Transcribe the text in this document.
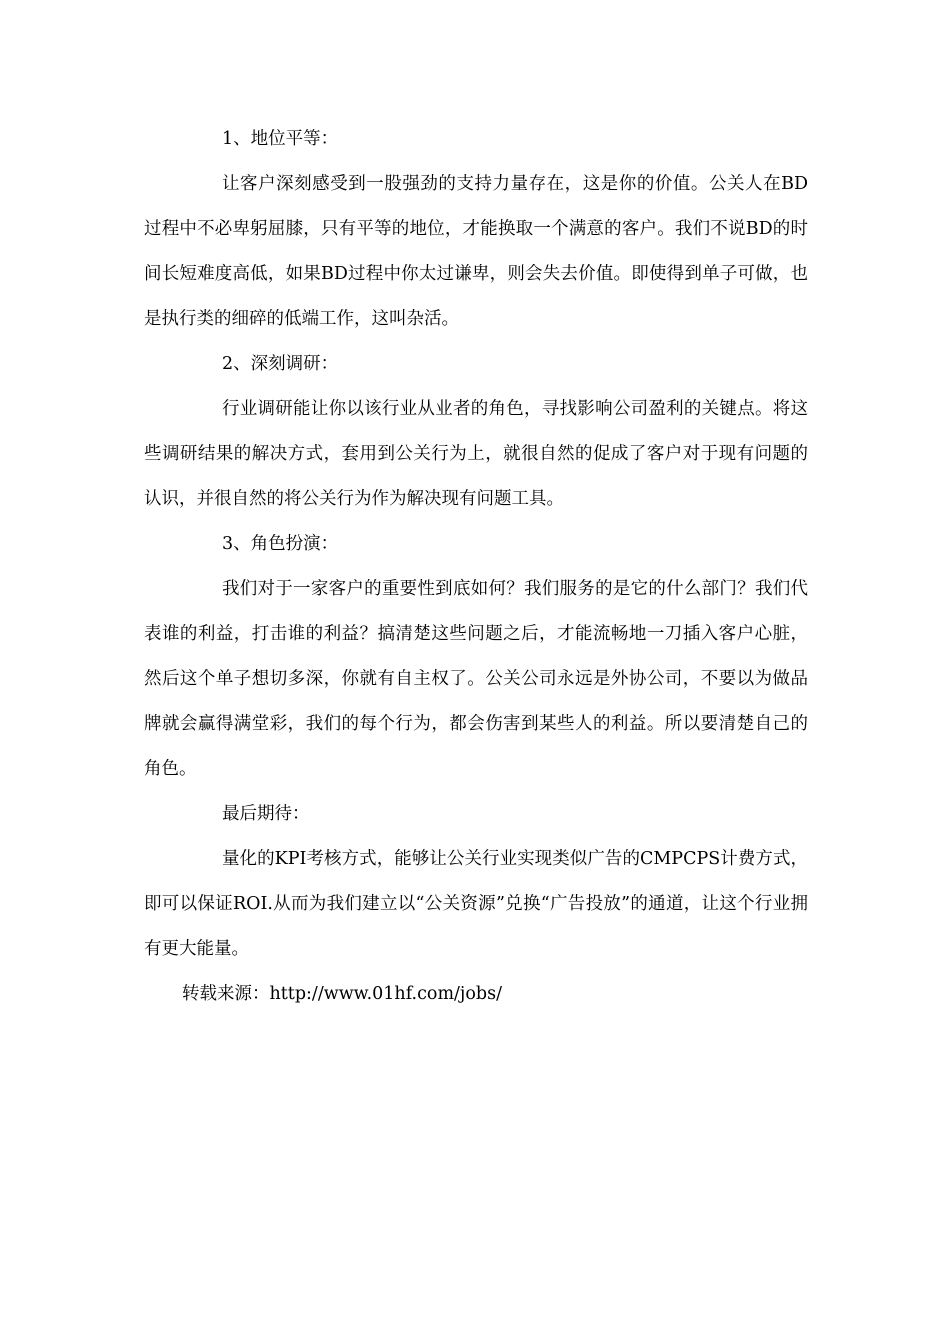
1、地位平等：

让客户深刻感受到一股强劲的支持力量存在，这是你的价值。公关人在BD过程中不必卑躬屈膝，只有平等的地位，才能换取一个满意的客户。我们不说BD的时间长短难度高低，如果BD过程中你太过谦卑，则会失去价值。即使得到单子可做，也是执行类的细碎的低端工作，这叫杂活。

2、深刻调研：

行业调研能让你以该行业从业者的角色，寻找影响公司盈利的关键点。将这些调研结果的解决方式，套用到公关行为上，就很自然的促成了客户对于现有问题的认识，并很自然的将公关行为作为解决现有问题工具。

3、角色扮演：

我们对于一家客户的重要性到底如何？我们服务的是它的什么部门？我们代表谁的利益，打击谁的利益？搞清楚这些问题之后，才能流畅地一刀插入客户心脏，然后这个单子想切多深，你就有自主权了。公关公司永远是外协公司，不要以为做品牌就会赢得满堂彩，我们的每个行为，都会伤害到某些人的利益。所以要清楚自己的角色。

最后期待：

量化的KPI考核方式，能够让公关行业实现类似广告的CMPCPS计费方式，即可以保证ROI.从而为我们建立以“公关资源”兑换“广告投放”的通道，让这个行业拥有更大能量。

转载来源：http://www.01hf.com/jobs/
